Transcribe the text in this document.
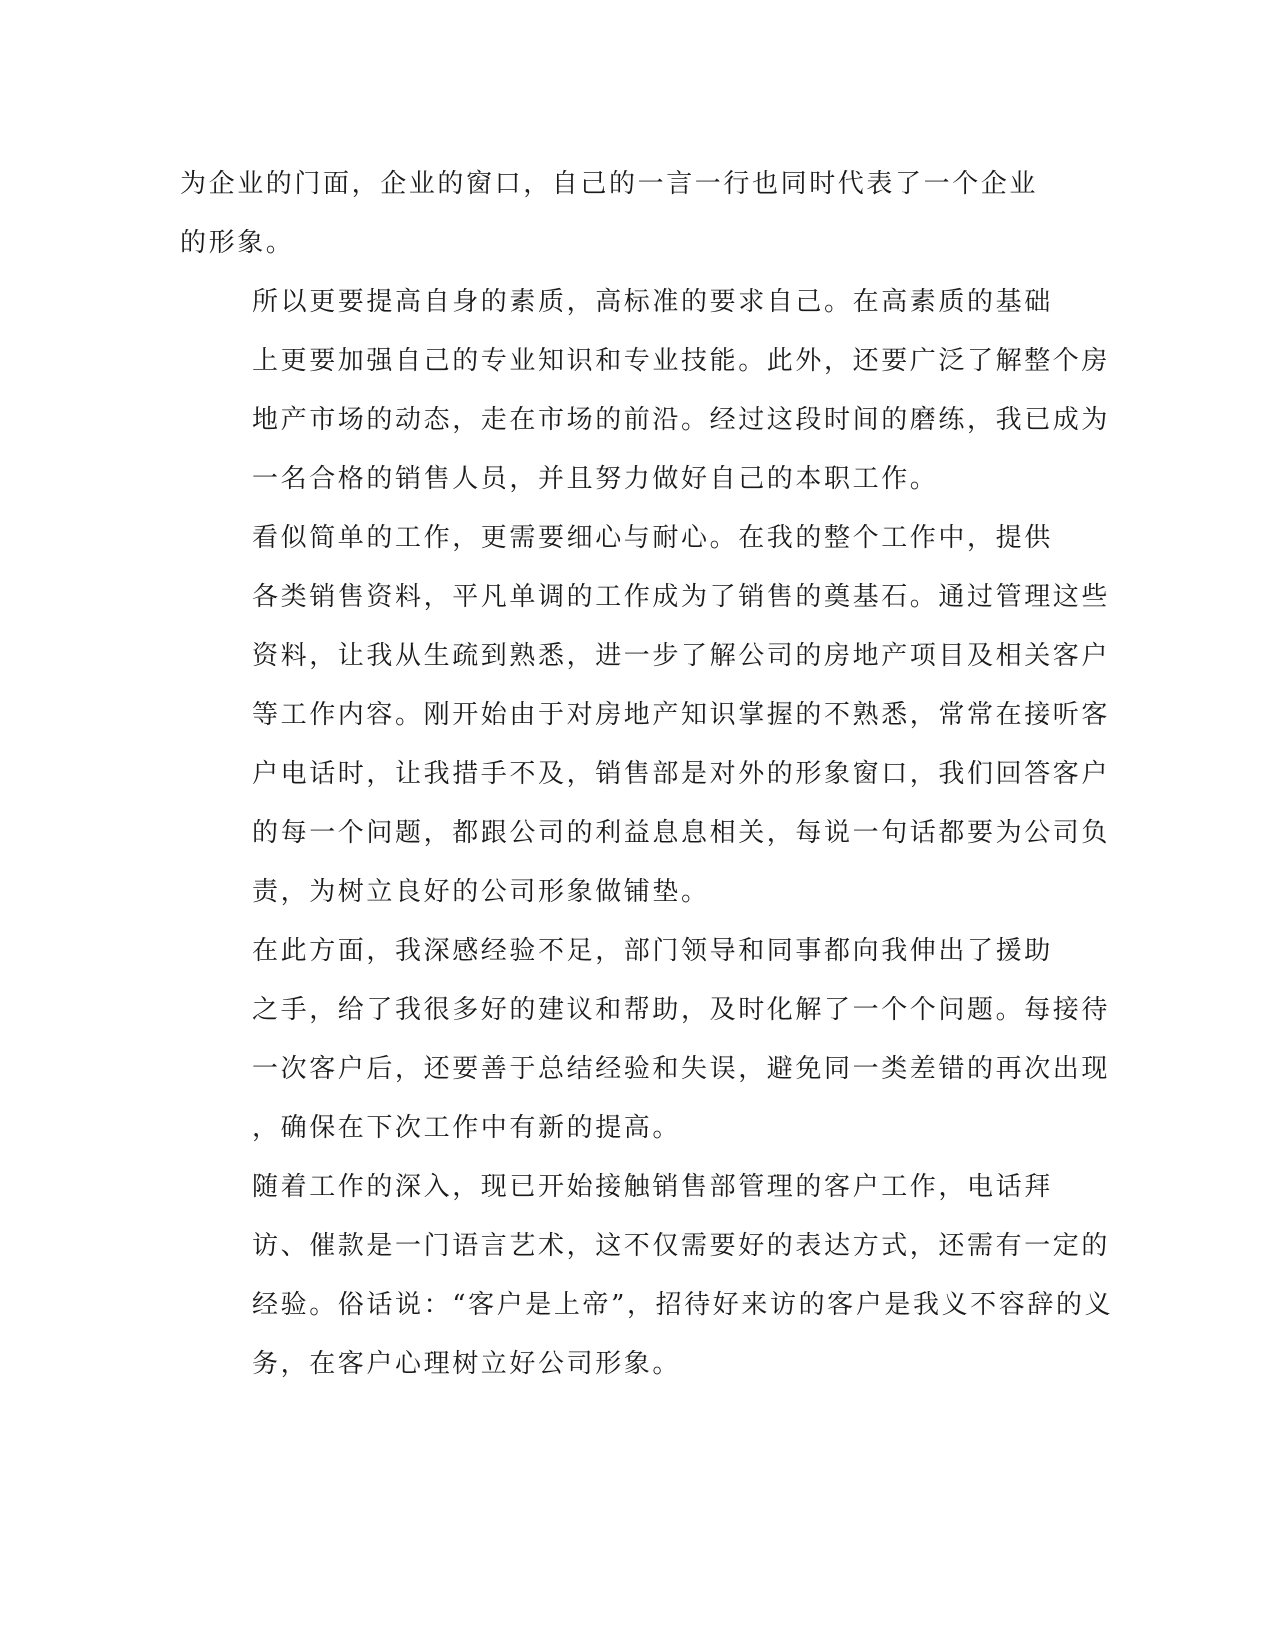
为企业的门面，企业的窗口，自己的一言一行也同时代表了一个企业
的形象。

所以更要提高自身的素质，高标准的要求自己。在高素质的基础
上更要加强自己的专业知识和专业技能。此外，还要广泛了解整个房
地产市场的动态，走在市场的前沿。经过这段时间的磨练，我已成为
一名合格的销售人员，并且努力做好自己的本职工作。

看似简单的工作，更需要细心与耐心。在我的整个工作中，提供
各类销售资料，平凡单调的工作成为了销售的奠基石。通过管理这些
资料，让我从生疏到熟悉，进一步了解公司的房地产项目及相关客户
等工作内容。刚开始由于对房地产知识掌握的不熟悉，常常在接听客
户电话时，让我措手不及，销售部是对外的形象窗口，我们回答客户
的每一个问题，都跟公司的利益息息相关，每说一句话都要为公司负
责，为树立良好的公司形象做铺垫。

在此方面，我深感经验不足，部门领导和同事都向我伸出了援助
之手，给了我很多好的建议和帮助，及时化解了一个个问题。每接待
一次客户后，还要善于总结经验和失误，避免同一类差错的再次出现
，确保在下次工作中有新的提高。

随着工作的深入，现已开始接触销售部管理的客户工作，电话拜
访、催款是一门语言艺术，这不仅需要好的表达方式，还需有一定的
经验。俗话说：“客户是上帝”，招待好来访的客户是我义不容辞的义
务，在客户心理树立好公司形象。
